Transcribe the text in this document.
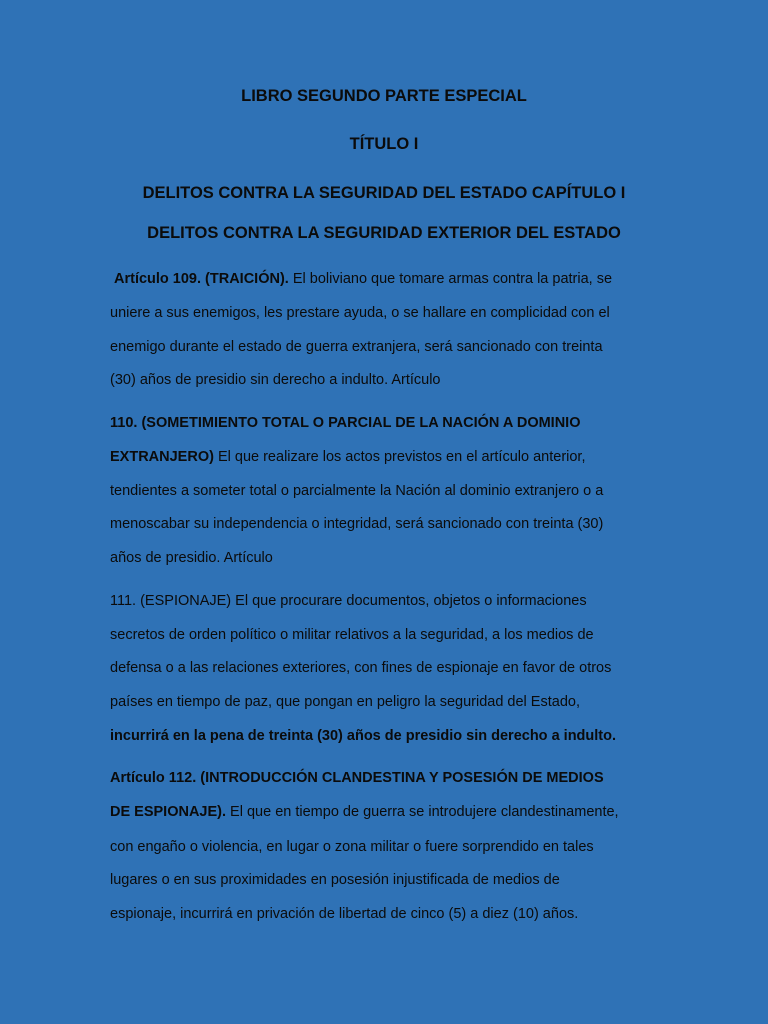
LIBRO SEGUNDO PARTE ESPECIAL
TÍTULO I
DELITOS CONTRA LA SEGURIDAD DEL ESTADO CAPÍTULO I
DELITOS CONTRA LA SEGURIDAD EXTERIOR DEL ESTADO
Artículo 109. (TRAICIÓN). El boliviano que tomare armas contra la patria, se
uniere a sus enemigos, les prestare ayuda, o se hallare en complicidad con el
enemigo durante el estado de guerra extranjera, será sancionado con treinta
(30) años de presidio sin derecho a indulto. Artículo
110. (SOMETIMIENTO TOTAL O PARCIAL DE LA NACIÓN A DOMINIO
EXTRANJERO) El que realizare los actos previstos en el artículo anterior,
tendientes a someter total o parcialmente la Nación al dominio extranjero o a
menoscabar su independencia o integridad, será sancionado con treinta (30)
años de presidio. Artículo
111. (ESPIONAJE) El que procurare documentos, objetos o informaciones
secretos de orden político o militar relativos a la seguridad, a los medios de
defensa o a las relaciones exteriores, con fines de espionaje en favor de otros
países en tiempo de paz, que pongan en peligro la seguridad del Estado,
incurrirá en la pena de treinta (30) años de presidio sin derecho a indulto.
Artículo 112. (INTRODUCCIÓN CLANDESTINA Y POSESIÓN DE MEDIOS
DE ESPIONAJE). El que en tiempo de guerra se introdujere clandestinamente,
con engaño o violencia, en lugar o zona militar o fuere sorprendido en tales
lugares o en sus proximidades en posesión injustificada de medios de
espionaje, incurrirá en privación de libertad de cinco (5) a diez (10) años.
